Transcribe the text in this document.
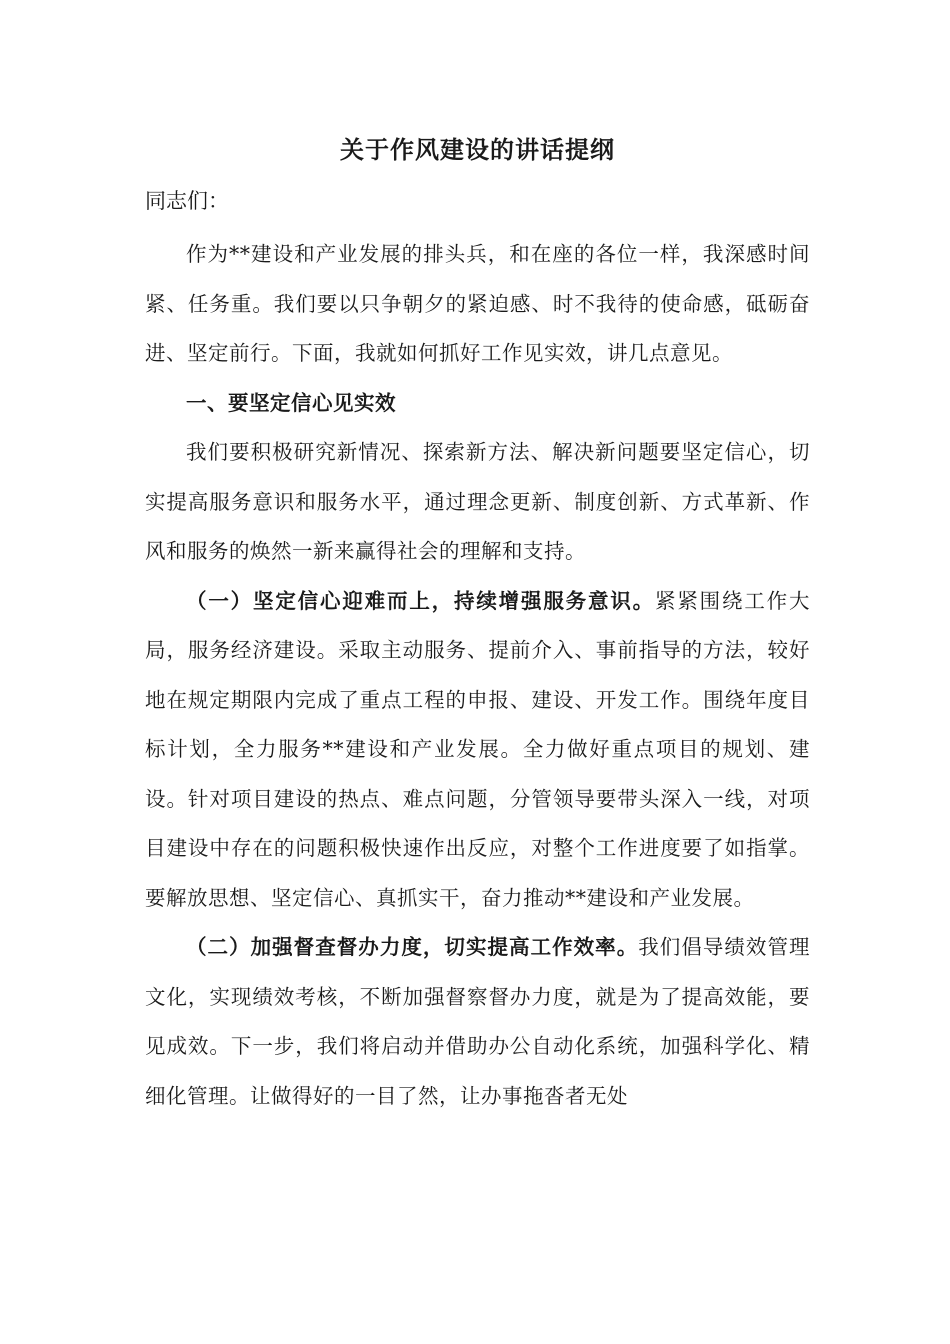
关于作风建设的讲话提纲
同志们：

作为**建设和产业发展的排头兵，和在座的各位一样，我深感时间紧、任务重。我们要以只争朝夕的紧迫感、时不我待的使命感，砥砺奋进、坚定前行。下面，我就如何抓好工作见实效，讲几点意见。

一、要坚定信心见实效

我们要积极研究新情况、探索新方法、解决新问题要坚定信心，切实提高服务意识和服务水平，通过理念更新、制度创新、方式革新、作风和服务的焕然一新来赢得社会的理解和支持。

（一）坚定信心迎难而上，持续增强服务意识。紧紧围绕工作大局，服务经济建设。采取主动服务、提前介入、事前指导的方法，较好地在规定期限内完成了重点工程的申报、建设、开发工作。围绕年度目标计划，全力服务**建设和产业发展。全力做好重点项目的规划、建设。针对项目建设的热点、难点问题，分管领导要带头深入一线，对项目建设中存在的问题积极快速作出反应，对整个工作进度要了如指掌。要解放思想、坚定信心、真抓实干，奋力推动**建设和产业发展。

（二）加强督查督办力度，切实提高工作效率。我们倡导绩效管理文化，实现绩效考核，不断加强督察督办力度，就是为了提高效能，要见成效。下一步，我们将启动并借助办公自动化系统，加强科学化、精细化管理。让做得好的一目了然，让办事拖沓者无处
